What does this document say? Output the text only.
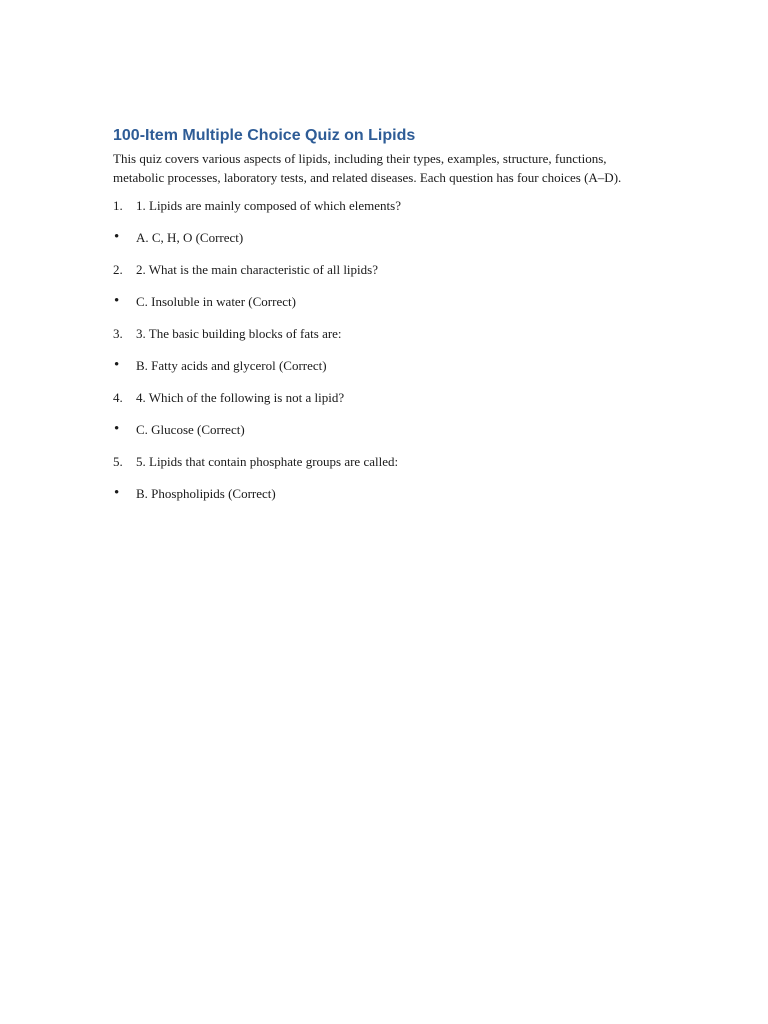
100-Item Multiple Choice Quiz on Lipids

This quiz covers various aspects of lipids, including their types, examples, structure, functions, metabolic processes, laboratory tests, and related diseases. Each question has four choices (A–D).

1.	1. Lipids are mainly composed of which elements?
•	A. C, H, O (Correct)
2.	2. What is the main characteristic of all lipids?
•	C. Insoluble in water (Correct)
3.	3. The basic building blocks of fats are:
•	B. Fatty acids and glycerol (Correct)
4.	4. Which of the following is not a lipid?
•	C. Glucose (Correct)
5.	5. Lipids that contain phosphate groups are called:
•	B. Phospholipids (Correct)
